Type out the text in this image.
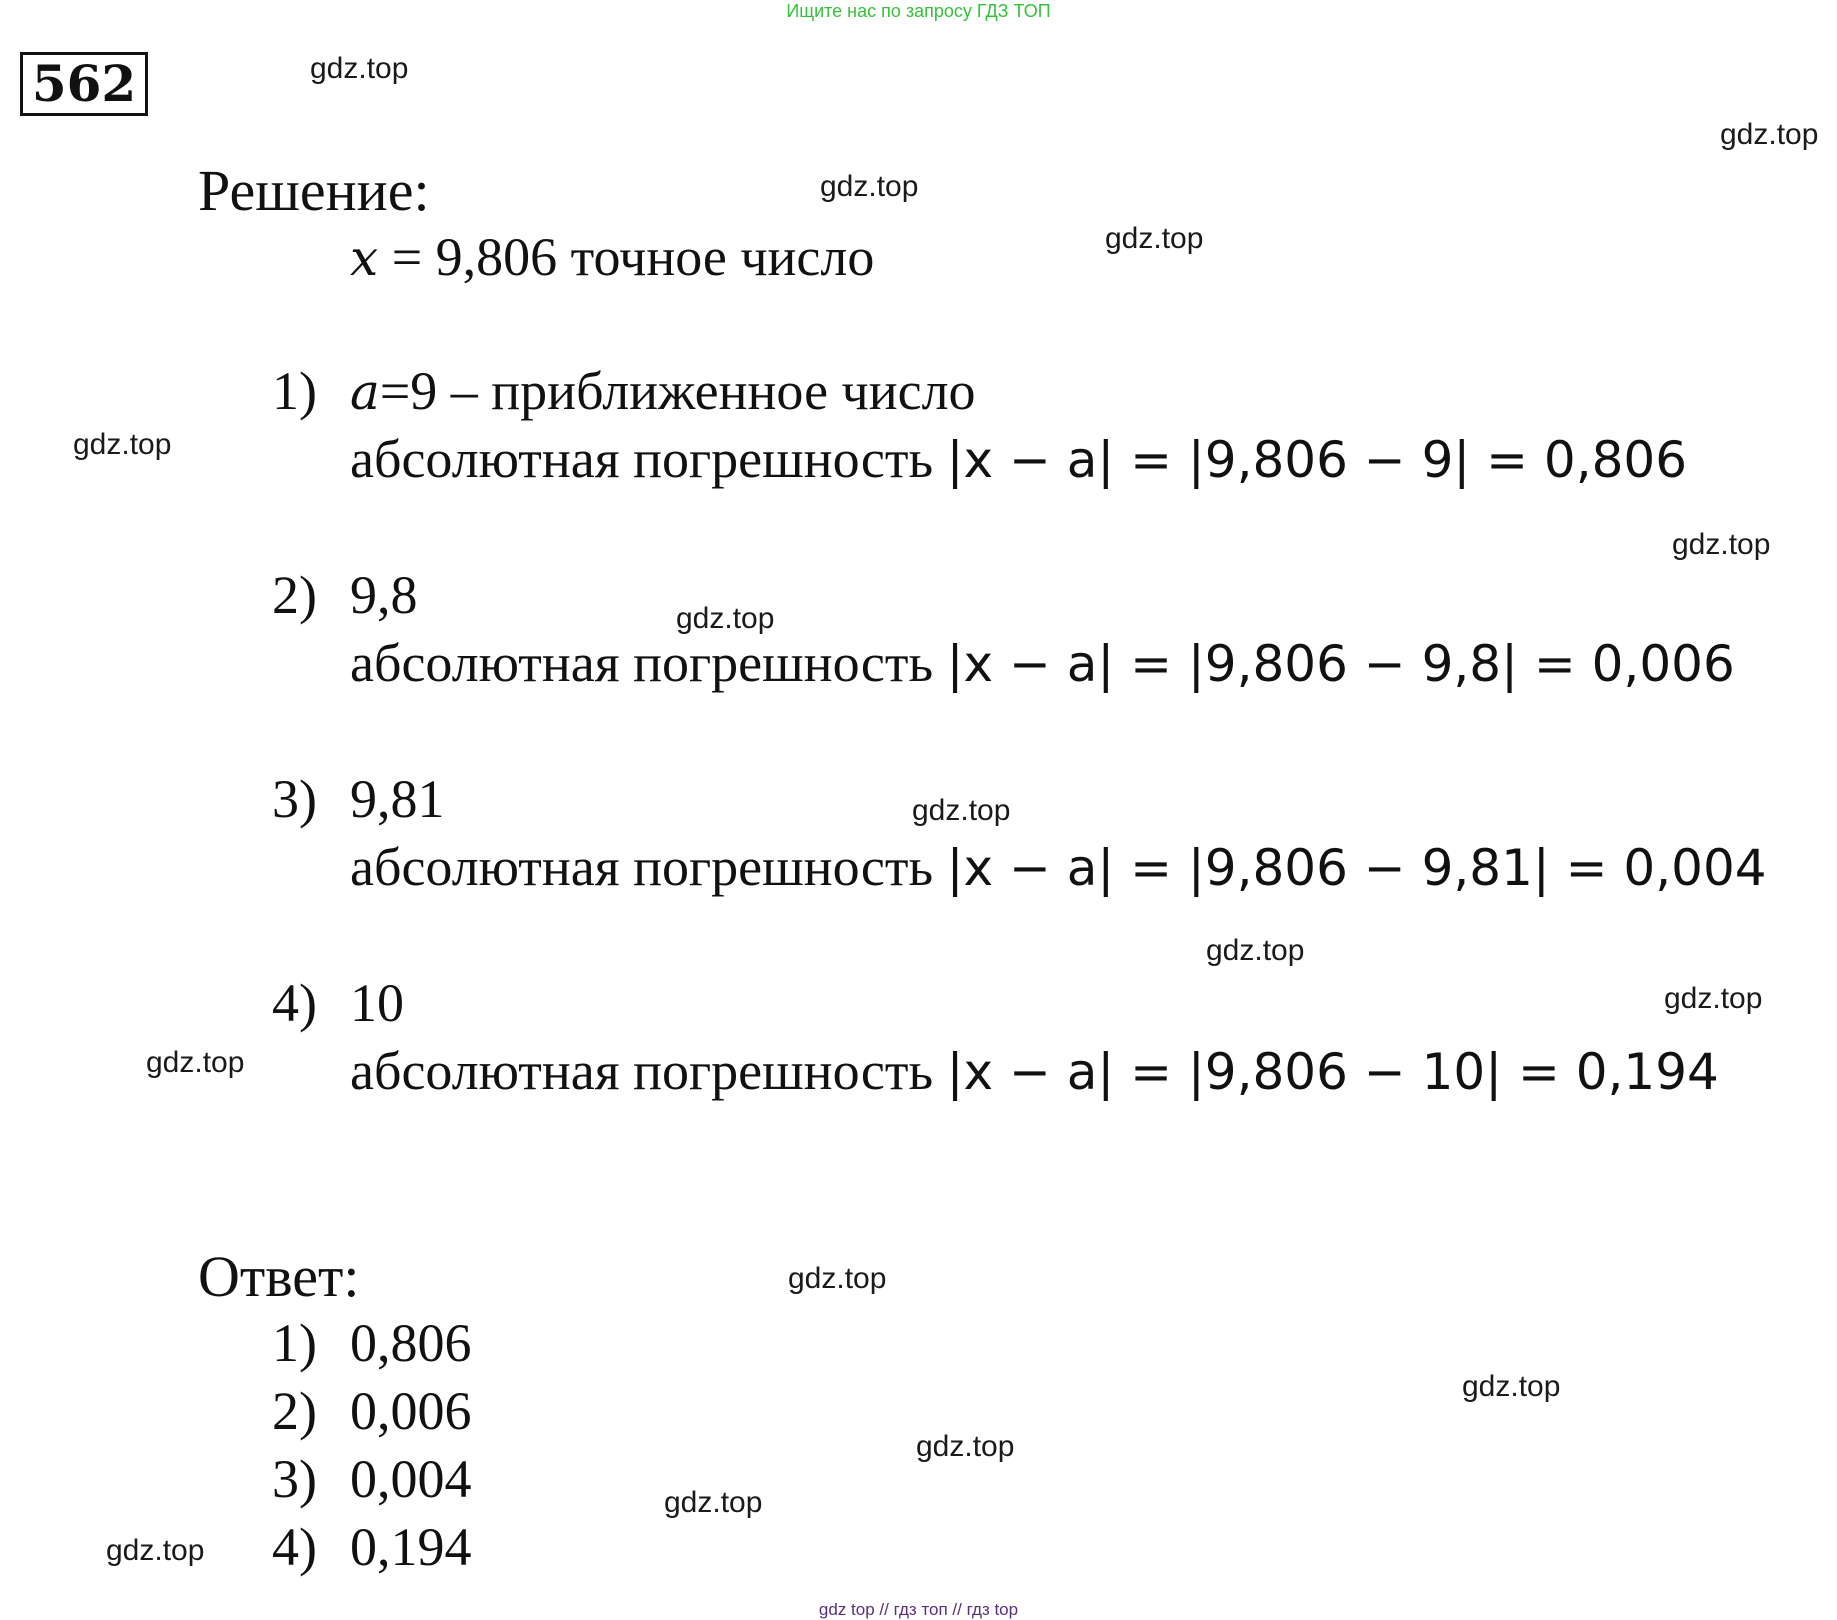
Ищите нас по запросу ГДЗ ТОП
562
Решение:
x = 9,806 точное число
1) a=9 – приближенное число
абсолютная погрешность |x − a| = |9,806 − 9| = 0,806
2) 9,8
абсолютная погрешность |x − a| = |9,806 − 9,8| = 0,006
3) 9,81
абсолютная погрешность |x − a| = |9,806 − 9,81| = 0,004
4) 10
абсолютная погрешность |x − a| = |9,806 − 10| = 0,194
Ответ:
1) 0,806
2) 0,006
3) 0,004
4) 0,194
gdz.top
gdz.top
gdz.top
gdz.top
gdz.top
gdz.top
gdz.top
gdz.top
gdz.top
gdz.top
gdz.top
gdz.top
gdz.top
gdz.top
gdz.top
gdz.top
gdz top // гдз топ // гдз top
